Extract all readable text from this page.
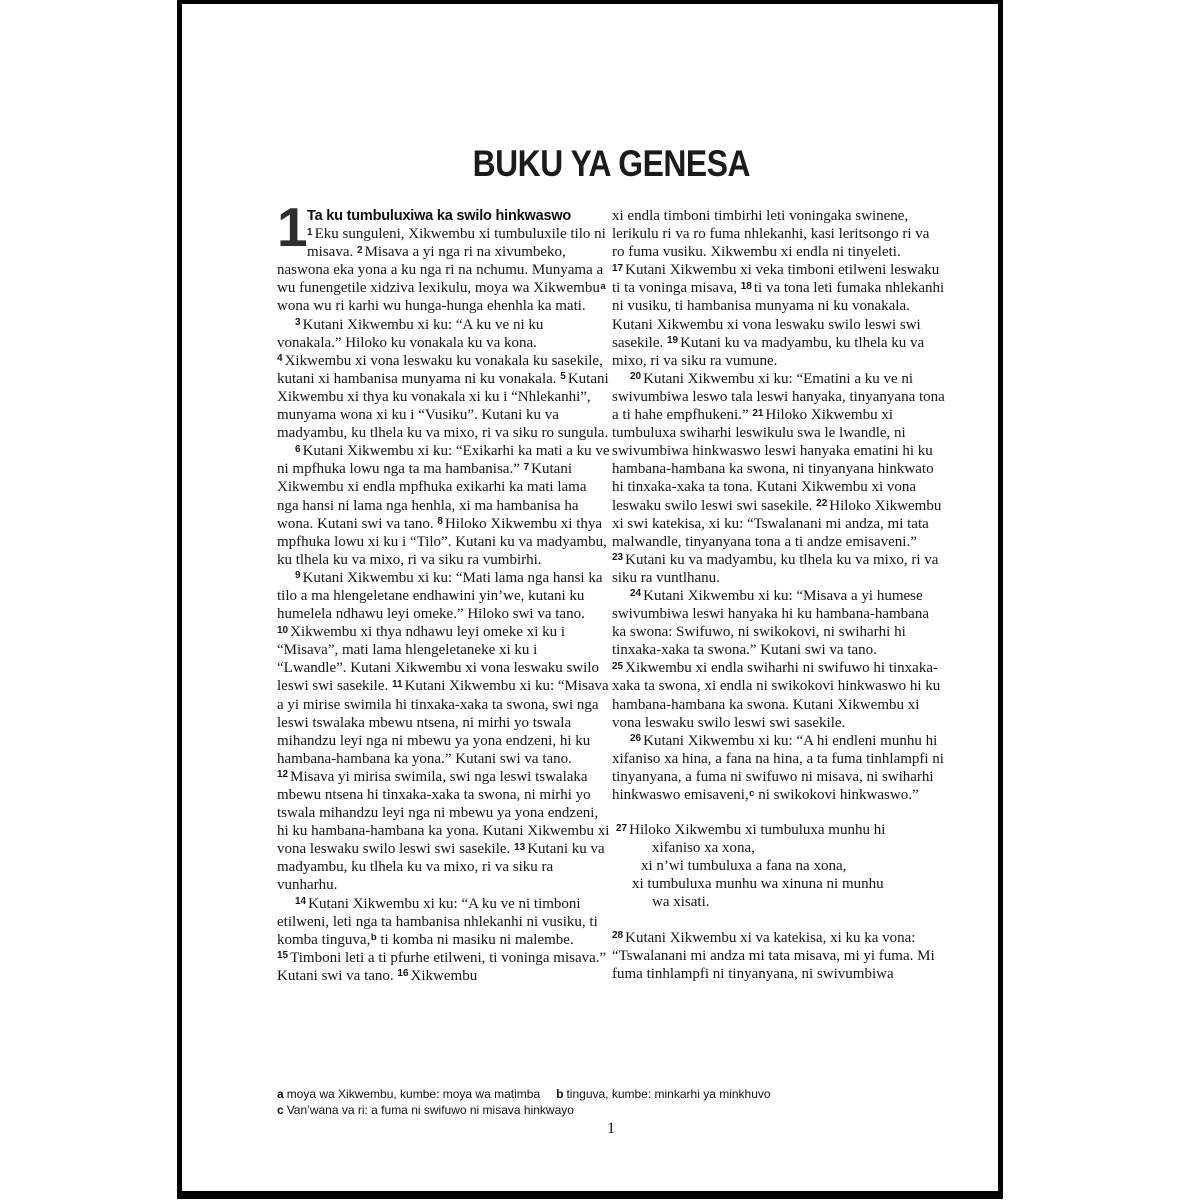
BUKU YA GENESA
1 Ta ku tumbuluxiwa ka swilo hinkwaswo

$^1$ Eku sunguleni, Xikwembu xi tumbuluxile tilo ni misava. $^2$ Misava a yi nga ri na xivumbeko, naswona eka yona a ku nga ri na nchumu. Munyama a wu funengetile xidziva lexikulu, moya wa Xikwembu$^a$ wona wu ri karhi wu hunga-hunga ehenhla ka mati.

$^3$ Kutani Xikwembu xi ku: “A ku ve ni ku vonakala.” Hiloko ku vonakala ku va kona. $^4$ Xikwembu xi vona leswaku ku vonakala ku sasekile, kutani xi hambanisa munyama ni ku vonakala. $^5$ Kutani Xikwembu xi thya ku vonakala xi ku i “Nhlekanhi”, munyama wona xi ku i “Vusiku”. Kutani ku va madyambu, ku tlhela ku va mixo, ri va siku ro sungula.

$^6$ Kutani Xikwembu xi ku: “Exikarhi ka mati a ku ve ni mpfhuka lowu nga ta ma hambanisa.” $^7$ Kutani Xikwembu xi endla mpfhuka exikarhi ka mati lama nga hansi ni lama nga henhla, xi ma hambanisa ha wona. Kutani swi va tano. $^8$ Hiloko Xikwembu xi thya mpfhuka lowu xi ku i “Tilo”. Kutani ku va madyambu, ku tlhela ku va mixo, ri va siku ra vumbirhi.

$^9$ Kutani Xikwembu xi ku: “Mati lama nga hansi ka tilo a ma hlengeletane endhawini yin’we, kutani ku humelela ndhawu leyi omeke.” Hiloko swi va tano. $^{10}$ Xikwembu xi thya ndhawu leyi omeke xi ku i “Misava”, mati lama hlengeletaneke xi ku i “Lwandle”. Kutani Xikwembu xi vona leswaku swilo leswi swi sasekile. $^{11}$ Kutani Xikwembu xi ku: “Misava a yi mirise swimila hi tinxaka-xaka ta swona, swi nga leswi tswalaka mbewu ntsena, ni mirhi yo tswala mihandzu leyi nga ni mbewu ya yona endzeni, hi ku hambana-hambana ka yona.” Kutani swi va tano. $^{12}$ Misava yi mirisa swimila, swi nga leswi tswalaka mbewu ntsena hi tinxaka-xaka ta swona, ni mirhi yo tswala mihandzu leyi nga ni mbewu ya yona endzeni, hi ku hambana-hambana ka yona. Kutani Xikwembu xi vona leswaku swilo leswi swi sasekile. $^{13}$ Kutani ku va madyambu, ku tlhela ku va mixo, ri va siku ra vunharhu.

$^{14}$ Kutani Xikwembu xi ku: “A ku ve ni timboni etilweni, leti nga ta hambanisa nhlekanhi ni vusiku, ti komba tinguva,$^b$ ti komba ni masiku ni malembe. $^{15}$ Timboni leti a ti pfurhe etilweni, ti voninga misava.” Kutani swi va tano. $^{16}$ Xikwembu

xi endla timboni timbirhi leti voningaka swinene, lerikulu ri va ro fuma nhlekanhi, kasi leritsongo ri va ro fuma vusiku. Xikwembu xi endla ni tinyeleti. $^{17}$ Kutani Xikwembu xi veka timboni etilweni leswaku ti ta voninga misava, $^{18}$ ti va tona leti fumaka nhlekanhi ni vusiku, ti hambanisa munyama ni ku vonakala. Kutani Xikwembu xi vona leswaku swilo leswi swi sasekile. $^{19}$ Kutani ku va madyambu, ku tlhela ku va mixo, ri va siku ra vumune.

$^{20}$ Kutani Xikwembu xi ku: “Ematini a ku ve ni swivumbiwa leswo tala leswi hanyaka, tinyanyana tona a ti hahe empfhukeni.” $^{21}$ Hiloko Xikwembu xi tumbuluxa swiharhi leswikulu swa le lwandle, ni swivumbiwa hinkwaswo leswi hanyaka ematini hi ku hambana-hambana ka swona, ni tinyanyana hinkwato hi tinxaka-xaka ta tona. Kutani Xikwembu xi vona leswaku swilo leswi swi sasekile. $^{22}$ Hiloko Xikwembu xi swi katekisa, xi ku: “Tswalanani mi andza, mi tata malwandle, tinyanyana tona a ti andze emisaveni.” $^{23}$ Kutani ku va madyambu, ku tlhela ku va mixo, ri va siku ra vuntlhanu.

$^{24}$ Kutani Xikwembu xi ku: “Misava a yi humese swivumbiwa leswi hanyaka hi ku hambana-hambana ka swona: Swifuwo, ni swikokovi, ni swiharhi hi tinxaka-xaka ta swona.” Kutani swi va tano. $^{25}$ Xikwembu xi endla swiharhi ni swifuwo hi tinxaka-xaka ta swona, xi endla ni swikokovi hinkwaswo hi ku hambana-hambana ka swona. Kutani Xikwembu xi vona leswaku swilo leswi swi sasekile.

$^{26}$ Kutani Xikwembu xi ku: “A hi endleni munhu hi xifaniso xa hina, a fana na hina, a ta fuma tinhlampfi ni tinyanyana, a fuma ni swifuwo ni misava, ni swiharhi hinkwaswo emisaveni,$^c$ ni swikokovi hinkwaswo.”

$^{27}$ Hiloko Xikwembu xi tumbuluxa munhu hi
xifaniso xa xona,
xi n’wi tumbuluxa a fana na xona,
xi tumbuluxa munhu wa xinuna ni munhu
wa xisati.

$^{28}$ Kutani Xikwembu xi va katekisa, xi ku ka vona: “Tswalanani mi andza mi tata misava, mi yi fuma. Mi fuma tinhlampfi ni tinyanyana, ni swivumbiwa

a moya wa Xikwembu, kumbe: moya wa matimba b tinguva, kumbe: minkarhi ya minkhuvo
c Van’wana va ri: a fuma ni swifuwo ni misava hinkwayo
1
